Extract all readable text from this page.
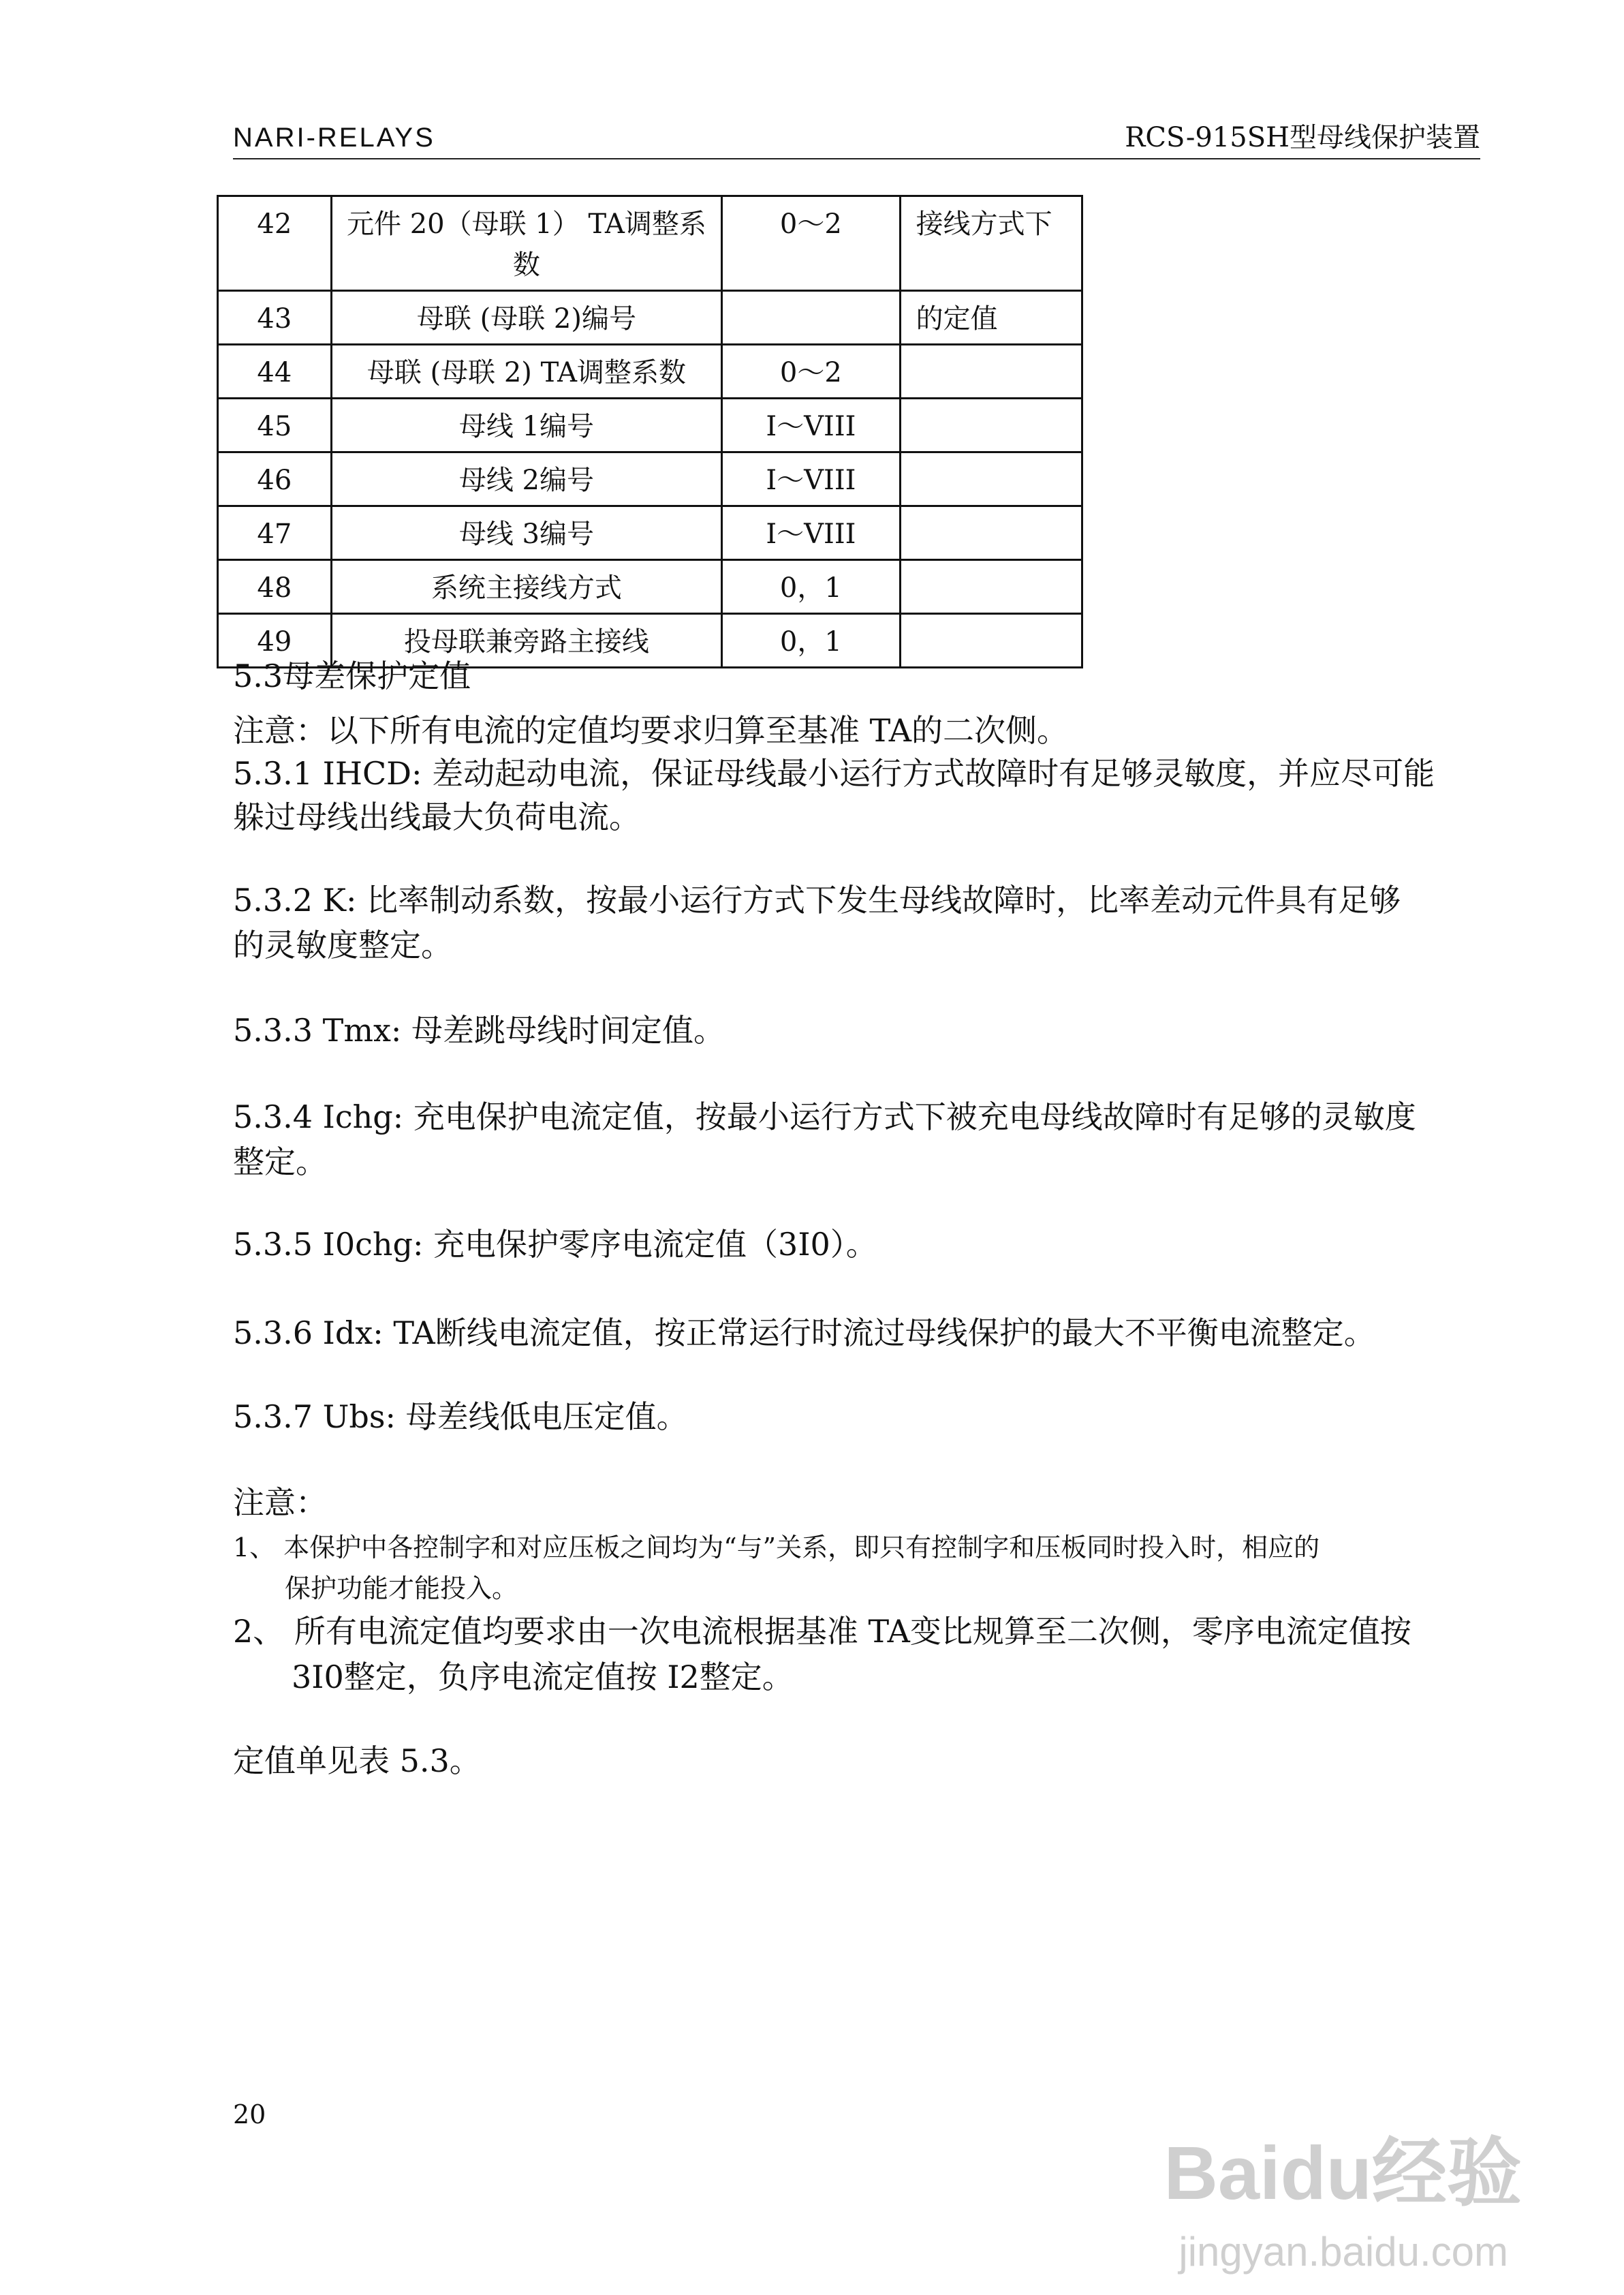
NARI-RELAYS	RCS-915SH型母线保护装置
42	元件 20（母联 1） TA调整系数	0～2	接线方式下
43	母联 (母联 2)编号		的定值
44	母联 (母联 2) TA调整系数	0～2	
45	母线 1编号	I～VIII	
46	母线 2编号	I～VIII	
47	母线 3编号	I～VIII	
48	系统主接线方式	0，1	
49	投母联兼旁路主接线	0，1	
5.3母差保护定值
注意：以下所有电流的定值均要求归算至基准 TA的二次侧。
5.3.1 IHCD: 差动起动电流，保证母线最小运行方式故障时有足够灵敏度，并应尽可能
躲过母线出线最大负荷电流。
5.3.2 K: 比率制动系数，按最小运行方式下发生母线故障时，比率差动元件具有足够
的灵敏度整定。
5.3.3 Tmx: 母差跳母线时间定值。
5.3.4 Ichg: 充电保护电流定值，按最小运行方式下被充电母线故障时有足够的灵敏度
整定。
5.3.5 I0chg: 充电保护零序电流定值（3I0）。
5.3.6 Idx: TA断线电流定值，按正常运行时流过母线保护的最大不平衡电流整定。
5.3.7 Ubs: 母差线低电压定值。
注意：
1、 本保护中各控制字和对应压板之间均为“与”关系，即只有控制字和压板同时投入时，相应的
保护功能才能投入。
2、 所有电流定值均要求由一次电流根据基准 TA变比规算至二次侧，零序电流定值按
3I0整定，负序电流定值按 I2整定。
定值单见表 5.3。
20
Baidu经验
jingyan.baidu.com
